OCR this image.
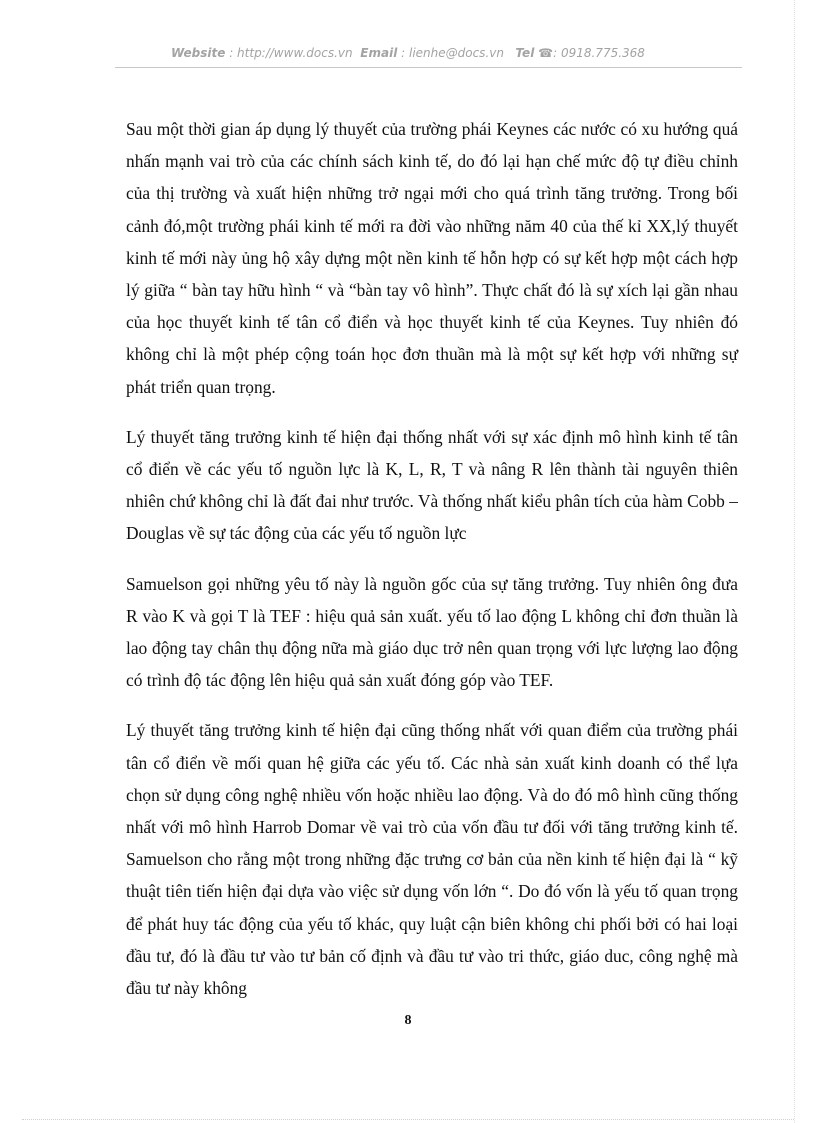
Website : http://www.docs.vn Email : lienhe@docs.vn Tel ☎: 0918.775.368

Sau một thời gian áp dụng lý thuyết của trường phái Keynes các nước có xu hướng quá nhấn mạnh vai trò của các chính sách kinh tế, do đó lại hạn chế mức độ tự điều chỉnh của thị trường và xuất hiện những trở ngại mới cho quá trình tăng trưởng. Trong bối cảnh đó,một trường phái kinh tế mới ra đời vào những năm 40 của thế kỉ XX,lý thuyết kinh tế mới này ủng hộ xây dựng một nền kinh tế hỗn hợp có sự kết hợp một cách hợp lý giữa “ bàn tay hữu hình “ và “bàn tay vô hình”. Thực chất đó là sự xích lại gần nhau của học thuyết kinh tế tân cổ điển và học thuyết kinh tế của Keynes. Tuy nhiên đó không chỉ là một phép cộng toán học đơn thuần mà là một sự kết hợp với những sự phát triển quan trọng.

Lý thuyết tăng trưởng kinh tế hiện đại thống nhất với sự xác định mô hình kinh tế tân cổ điển về các yếu tố nguồn lực là K, L, R, T và nâng R lên thành tài nguyên thiên nhiên chứ không chỉ là đất đai như trước. Và thống nhất kiểu phân tích của hàm Cobb – Douglas về sự tác động của các yếu tố nguồn lực

Samuelson gọi những yêu tố này là nguồn gốc của sự tăng trưởng. Tuy nhiên ông đưa R vào K và gọi T là TEF : hiệu quả sản xuất. yếu tố lao động L không chỉ đơn thuần là lao động tay chân thụ động nữa mà giáo dục trở nên quan trọng với lực lượng lao động có trình độ tác động lên hiệu quả sản xuất đóng góp vào TEF.

Lý thuyết tăng trưởng kinh tế hiện đại cũng thống nhất với quan điểm của trường phái tân cổ điển về mối quan hệ giữa các yếu tố. Các nhà sản xuất kinh doanh có thể lựa chọn sử dụng công nghệ nhiều vốn hoặc nhiều lao động. Và do đó mô hình cũng thống nhất với mô hình Harrob Domar về vai trò của vốn đầu tư đối với tăng trưởng kinh tế. Samuelson cho rằng một trong những đặc trưng cơ bản của nền kinh tế hiện đại là “ kỹ thuật tiên tiến hiện đại dựa vào việc sử dụng vốn lớn “. Do đó vốn là yếu tố quan trọng để phát huy tác động của yếu tố khác, quy luật cận biên không chi phối bởi có hai loại đầu tư, đó là đầu tư vào tư bản cố định và đầu tư vào tri thức, giáo duc, công nghệ mà đầu tư này không

8
